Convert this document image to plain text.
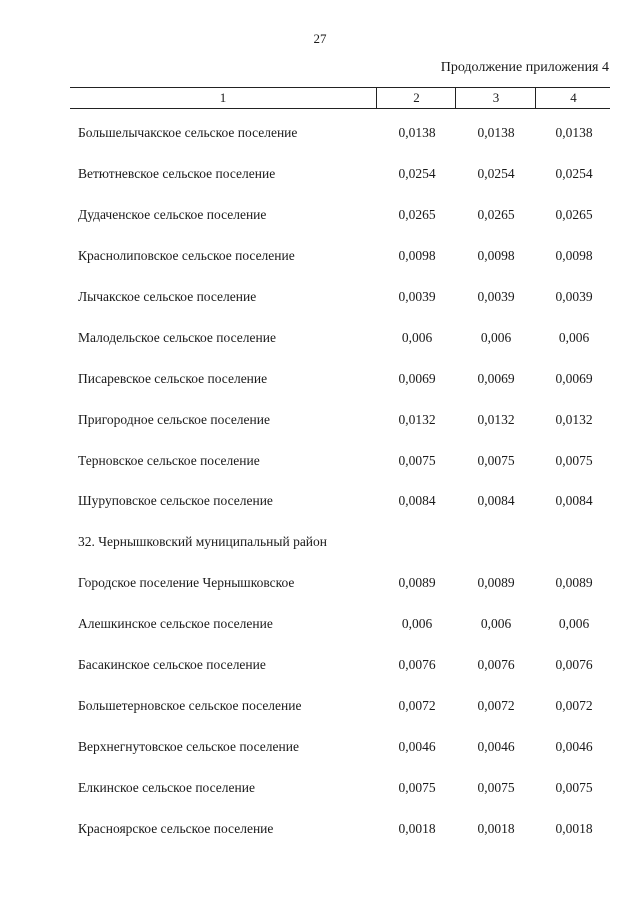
27
Продолжение приложения 4
1	2	3	4
Большелычакское сельское поселение	0,0138	0,0138	0,0138
Ветютневское сельское поселение	0,0254	0,0254	0,0254
Дудаченское сельское поселение	0,0265	0,0265	0,0265
Краснолиповское сельское поселение	0,0098	0,0098	0,0098
Лычакское сельское поселение	0,0039	0,0039	0,0039
Малодельское сельское поселение	0,006	0,006	0,006
Писаревское сельское поселение	0,0069	0,0069	0,0069
Пригородное сельское поселение	0,0132	0,0132	0,0132
Терновское сельское поселение	0,0075	0,0075	0,0075
Шуруповское сельское поселение	0,0084	0,0084	0,0084
32. Чернышковский муниципальный район
Городское поселение Чернышковское	0,0089	0,0089	0,0089
Алешкинское сельское поселение	0,006	0,006	0,006
Басакинское сельское поселение	0,0076	0,0076	0,0076
Большетерновское сельское поселение	0,0072	0,0072	0,0072
Верхнегнутовское сельское поселение	0,0046	0,0046	0,0046
Елкинское сельское поселение	0,0075	0,0075	0,0075
Красноярское сельское поселение	0,0018	0,0018	0,0018
